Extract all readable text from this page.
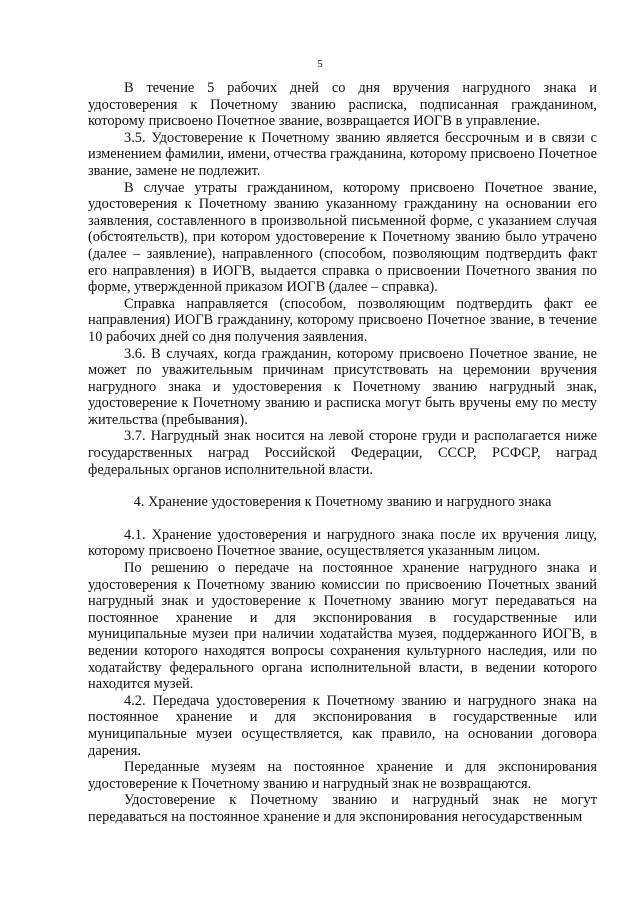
5

В течение 5 рабочих дней со дня вручения нагрудного знака и удостоверения к Почетному званию расписка, подписанная гражданином, которому присвоено Почетное звание, возвращается ИОГВ в управление.

3.5. Удостоверение к Почетному званию является бессрочным и в связи с изменением фамилии, имени, отчества гражданина, которому присвоено Почетное звание, замене не подлежит.

В случае утраты гражданином, которому присвоено Почетное звание, удостоверения к Почетному званию указанному гражданину на основании его заявления, составленного в произвольной письменной форме, с указанием случая (обстоятельств), при котором удостоверение к Почетному званию было утрачено (далее – заявление), направленного (способом, позволяющим подтвердить факт его направления) в ИОГВ, выдается справка о присвоении Почетного звания по форме, утвержденной приказом ИОГВ (далее – справка).

Справка направляется (способом, позволяющим подтвердить факт ее направления) ИОГВ гражданину, которому присвоено Почетное звание, в течение 10 рабочих дней со дня получения заявления.

3.6. В случаях, когда гражданин, которому присвоено Почетное звание, не может по уважительным причинам присутствовать на церемонии вручения нагрудного знака и удостоверения к Почетному званию нагрудный знак, удостоверение к Почетному званию и расписка могут быть вручены ему по месту жительства (пребывания).

3.7. Нагрудный знак носится на левой стороне груди и располагается ниже государственных наград Российской Федерации, СССР, РСФСР, наград федеральных органов исполнительной власти.

4. Хранение удостоверения к Почетному званию и нагрудного знака

4.1. Хранение удостоверения и нагрудного знака после их вручения лицу, которому присвоено Почетное звание, осуществляется указанным лицом.

По решению о передаче на постоянное хранение нагрудного знака и удостоверения к Почетному званию комиссии по присвоению Почетных званий нагрудный знак и удостоверение к Почетному званию могут передаваться на постоянное хранение и для экспонирования в государственные или муниципальные музеи при наличии ходатайства музея, поддержанного ИОГВ, в ведении которого находятся вопросы сохранения культурного наследия, или по ходатайству федерального органа исполнительной власти, в ведении которого находится музей.

4.2. Передача удостоверения к Почетному званию и нагрудного знака на постоянное хранение и для экспонирования в государственные или муниципальные музеи осуществляется, как правило, на основании договора дарения.

Переданные музеям на постоянное хранение и для экспонирования удостоверение к Почетному званию и нагрудный знак не возвращаются.

Удостоверение к Почетному званию и нагрудный знак не могут передаваться на постоянное хранение и для экспонирования негосударственным
